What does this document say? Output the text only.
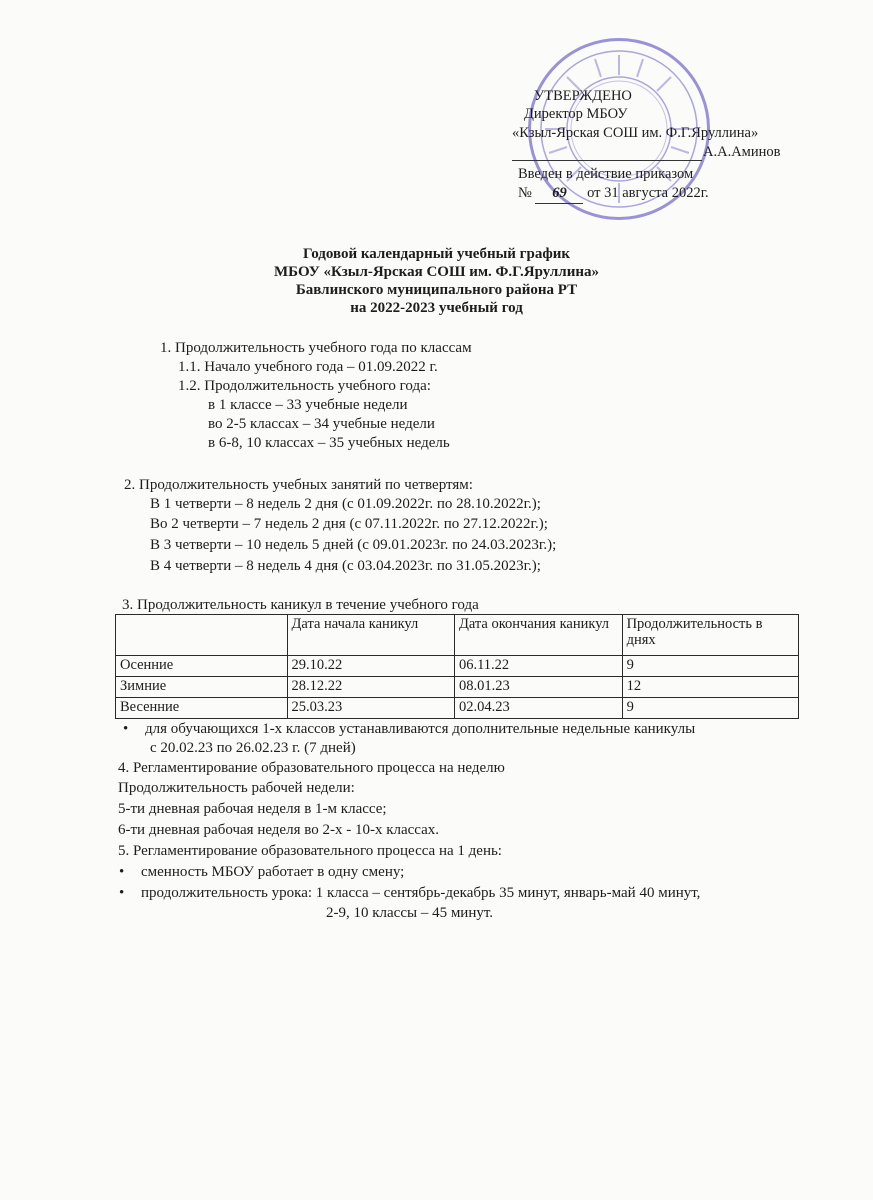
УТВЕРЖДЕНО
Директор МБОУ
«Кзыл-Ярская СОШ им. Ф.Г.Яруллина»
А.А.Аминов
Введен в действие приказом
№ 69 от 31 августа 2022г.
Годовой календарный учебный график
МБОУ «Кзыл-Ярская СОШ им. Ф.Г.Яруллина»
Бавлинского муниципального района РТ
на 2022-2023 учебный год
1. Продолжительность учебного года по классам
1.1. Начало учебного года – 01.09.2022 г.
1.2. Продолжительность учебного года:
в 1 классе – 33 учебные недели
во 2-5 классах – 34 учебные недели
в 6-8, 10 классах – 35 учебных недель
2. Продолжительность учебных занятий по четвертям:
В 1 четверти – 8 недель 2 дня (с 01.09.2022г. по 28.10.2022г.);
Во 2 четверти – 7 недель 2 дня (с 07.11.2022г. по 27.12.2022г.);
В 3 четверти – 10 недель 5 дней (с 09.01.2023г. по 24.03.2023г.);
В 4 четверти – 8 недель 4 дня (с 03.04.2023г. по 31.05.2023г.);
3. Продолжительность каникул в течение учебного года
	Дата начала каникул	Дата окончания каникул	Продолжительность в днях
Осенние	29.10.22	06.11.22	9
Зимние	28.12.22	08.01.23	12
Весенние	25.03.23	02.04.23	9
• для обучающихся 1-х классов устанавливаются дополнительные недельные каникулы
с 20.02.23 по 26.02.23 г. (7 дней)
4. Регламентирование образовательного процесса на неделю
Продолжительность рабочей недели:
5-ти дневная рабочая неделя в 1-м классе;
6-ти дневная рабочая неделя во 2-х - 10-х классах.
5. Регламентирование образовательного процесса на 1 день:
• сменность МБОУ работает в одну смену;
• продолжительность урока: 1 класса – сентябрь-декабрь 35 минут, январь-май 40 минут,
2-9, 10 классы – 45 минут.
